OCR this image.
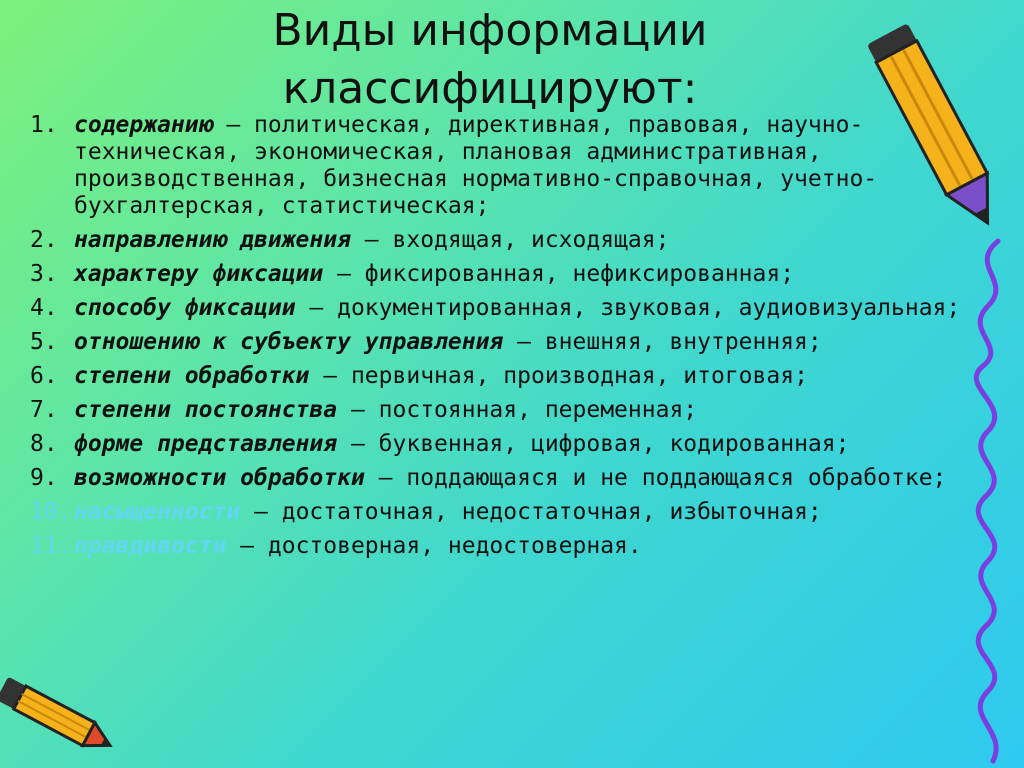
Виды информации
классифицируют:
1. содержанию — политическая, директивная, правовая, научно-техническая, экономическая, плановая административная, производственная, бизнесная нормативно-справочная, учетно-бухгалтерская, статистическая;
2. направлению движения — входящая, исходящая;
3. характеру фиксации — фиксированная, нефиксированная;
4. способу фиксации — документированная, звуковая, аудиовизуальная;
5. отношению к субъекту управления — внешняя, внутренняя;
6. степени обработки — первичная, производная, итоговая;
7. степени постоянства — постоянная, переменная;
8. форме представления — буквенная, цифровая, кодированная;
9. возможности обработки — поддающаяся и не поддающаяся обработке;
10. насыщенности — достаточная, недостаточная, избыточная;
11. правдивости — достоверная, недостоверная.
